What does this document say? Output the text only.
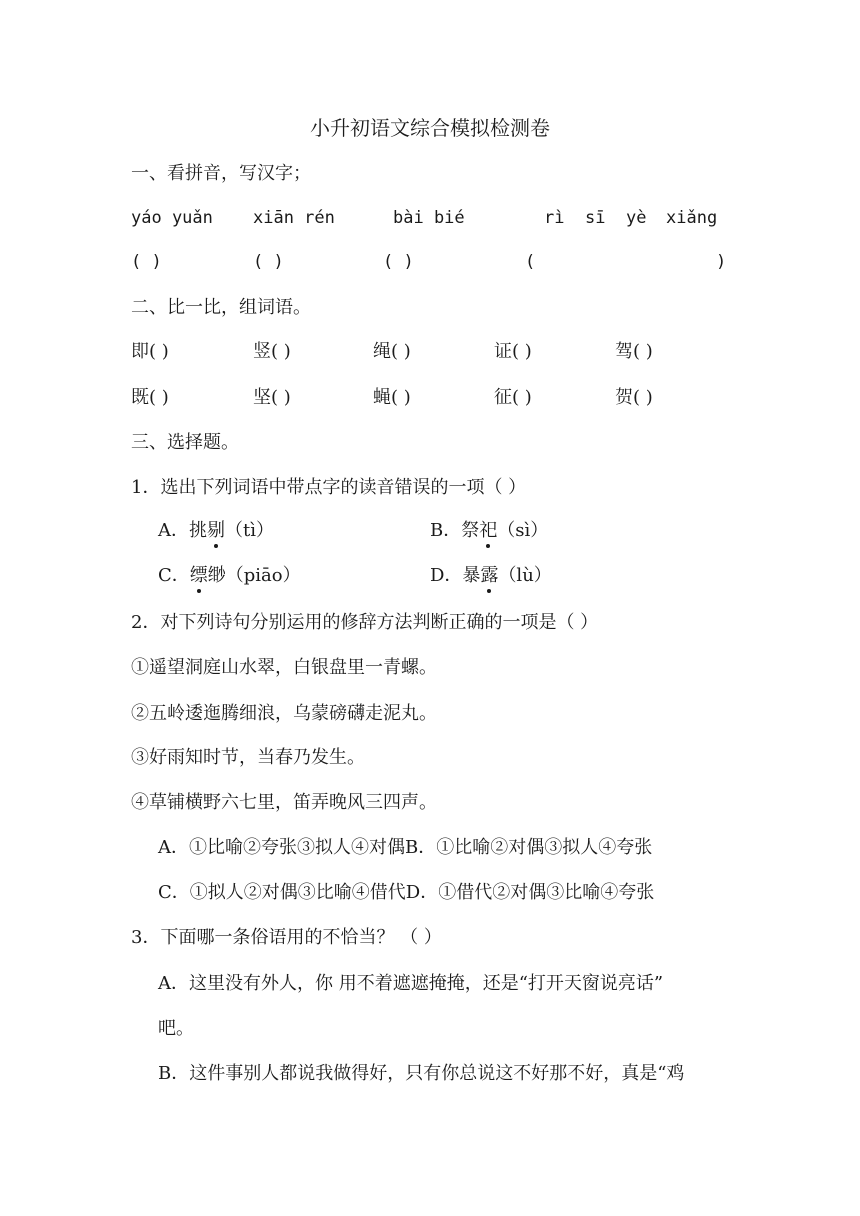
小升初语文综合模拟检测卷
一、看拼音，写汉字；
yáo yuǎn xiān rén	bài bié	rì sī yè xiǎng
( )	( )	( )	(	)
二、比一比，组词语。
即( )	竖( )	绳( )	证( )	驾( )
既( )	坚( )	蝇( )	征( )	贺( )
三、选择题。
1．选出下列词语中带点字的读音错误的一项（ ）
A．挑剔（tì）	B．祭祀（sì）
C．缥缈（piāo）	D．暴露（lù）
2．对下列诗句分别运用的修辞方法判断正确的一项是（ ）
①遥望洞庭山水翠，白银盘里一青螺。
②五岭逶迤腾细浪，乌蒙磅礴走泥丸。
③好雨知时节，当春乃发生。
④草铺横野六七里，笛弄晚风三四声。
A．①比喻②夸张③拟人④对偶B．①比喻②对偶③拟人④夸张
C．①拟人②对偶③比喻④借代D．①借代②对偶③比喻④夸张
3．下面哪一条俗语用的不恰当？ （ ）
A．这里没有外人，你 用不着遮遮掩掩，还是“打开天窗说亮话”
吧。
B．这件事别人都说我做得好，只有你总说这不好那不好，真是“鸡
